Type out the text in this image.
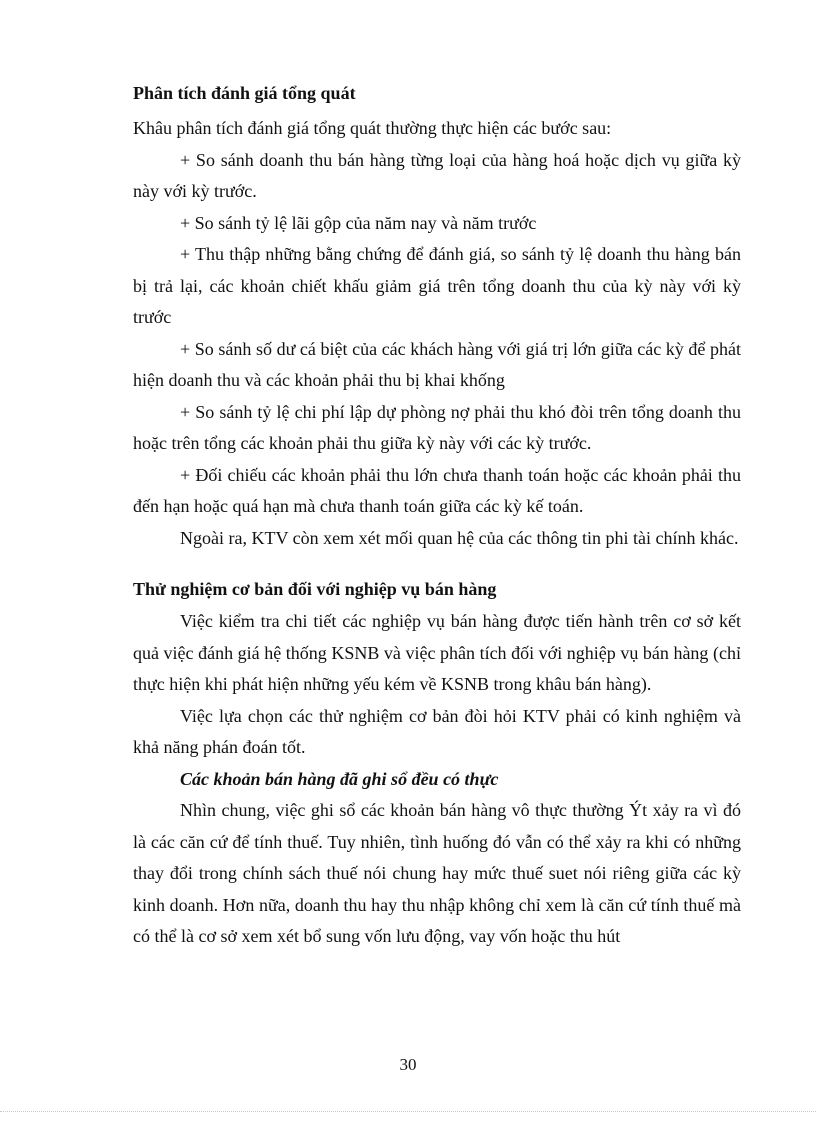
Phân tích đánh giá tổng quát

Khâu phân tích đánh giá tổng quát thường thực hiện các bước sau:

+ So sánh doanh thu bán hàng từng loại của hàng hoá hoặc dịch vụ giữa kỳ này với kỳ trước.

+ So sánh tỷ lệ lãi gộp của năm nay và năm trước

+ Thu thập những bằng chứng để đánh giá, so sánh tỷ lệ doanh thu hàng bán bị trả lại, các khoản chiết khấu giảm giá trên tổng doanh thu của kỳ này với kỳ trước

+ So sánh số dư cá biệt của các khách hàng với giá trị lớn giữa các kỳ để phát hiện doanh thu và các khoản phải thu bị khai khống

+ So sánh tỷ lệ chi phí lập dự phòng nợ phải thu khó đòi trên tổng doanh thu hoặc trên tổng các khoản phải thu giữa kỳ này với các kỳ trước.

+ Đối chiếu các khoản phải thu lớn chưa thanh toán hoặc các khoản phải thu đến hạn hoặc quá hạn mà chưa thanh toán giữa các kỳ kế toán.

Ngoài ra, KTV còn xem xét mối quan hệ của các thông tin phi tài chính khác.

Thử nghiệm cơ bản đối với nghiệp vụ bán hàng

Việc kiểm tra chi tiết các nghiệp vụ bán hàng được tiến hành trên cơ sở kết quả việc đánh giá hệ thống KSNB và việc phân tích đối với nghiệp vụ bán hàng (chỉ thực hiện khi phát hiện những yếu kém về KSNB trong khâu bán hàng).

Việc lựa chọn các thử nghiệm cơ bản đòi hỏi KTV phải có kinh nghiệm và khả năng phán đoán tốt.

Các khoản bán hàng đã ghi sổ đều có thực

Nhìn chung, việc ghi sổ các khoản bán hàng vô thực thường Ýt xảy ra vì đó là các căn cứ để tính thuế. Tuy nhiên, tình huống đó vẫn có thể xảy ra khi có những thay đổi trong chính sách thuế nói chung hay mức thuế suet nói riêng giữa các kỳ kinh doanh. Hơn nữa, doanh thu hay thu nhập không chỉ xem là căn cứ tính thuế mà có thể là cơ sở xem xét bổ sung vốn lưu động, vay vốn hoặc thu hút

30
